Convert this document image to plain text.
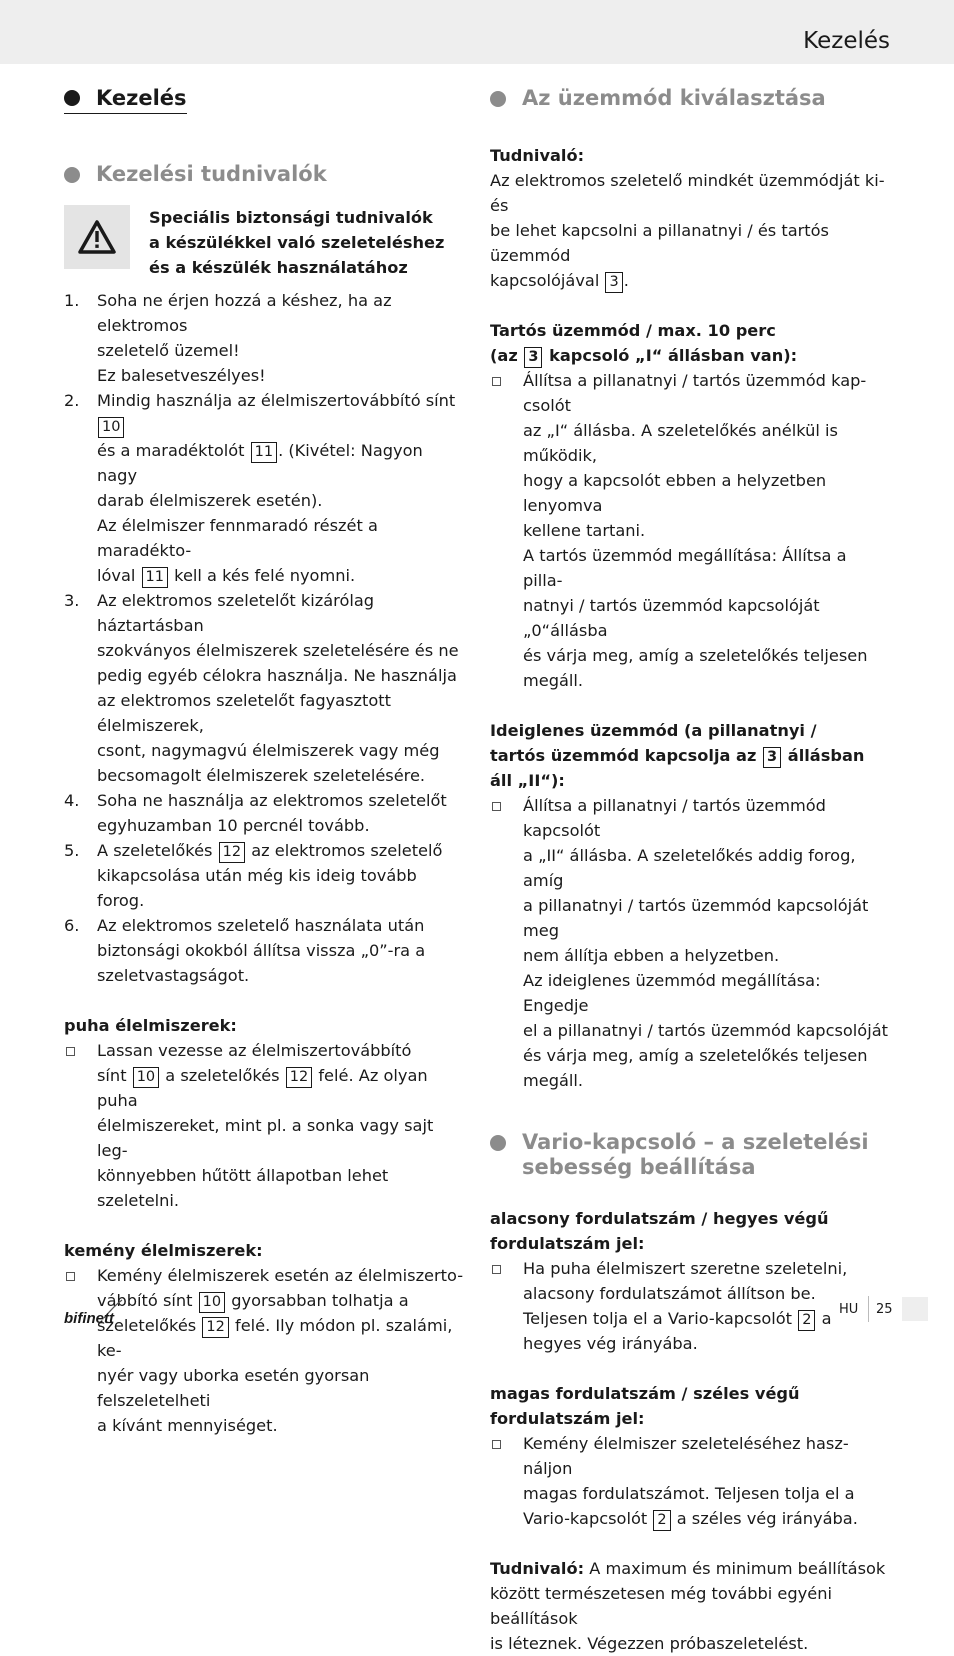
Kezelés
Kezelés
Kezelési tudnivalók
Speciális biztonsági tudnivalók
a készülékkel való szeleteléshez
és a készülék használatához
1.	Soha ne érjen hozzá a késhez, ha az elektromos
szeletelő üzemel!
Ez balesetveszélyes!
2.	Mindig használja az élelmiszertovábbító sínt 10
és a maradéktolót 11 . (Kivétel: Nagyon nagy
darab élelmiszerek esetén).
Az élelmiszer fennmaradó részét a maradékto-
lóval 11 kell a kés felé nyomni.
3.	Az elektromos szeletelőt kizárólag háztartásban
szokványos élelmiszerek szeletelésére és ne
pedig egyéb célokra használja. Ne használja
az elektromos szeletelőt fagyasztott élelmiszerek,
csont, nagymagvú élelmiszerek vagy még
becsomagolt élelmiszerek szeletelésére.
4.	Soha ne használja az elektromos szeletelőt
egyhuzamban 10 percnél tovább.
5.	A szeletelőkés 12 az elektromos szeletelő
kikapcsolása után még kis ideig tovább forog.
6.	Az elektromos szeletelő használata után
biztonsági okokból állítsa vissza „0”-ra a
szeletvastagságot.
puha élelmiszerek:
Lassan vezesse az élelmiszertovábbító
sínt 10 a szeletelőkés 12 felé. Az olyan puha
élelmiszereket, mint pl. a sonka vagy sajt leg-
könnyebben hűtött állapotban lehet szeletelni.
kemény élelmiszerek:
Kemény élelmiszerek esetén az élelmiszerto-
vábbító sínt 10 gyorsabban tolhatja a
szeletelőkés 12 felé. Ily módon pl. szalámi, ke-
nyér vagy uborka esetén gyorsan felszeletelheti
a kívánt mennyiséget.
Az üzemmód kiválasztása
Tudnivaló:
Az elektromos szeletelő mindkét üzemmódját ki- és
be lehet kapcsolni a pillanatnyi / és tartós üzemmód
kapcsolójával 3 .
Tartós üzemmód / max. 10 perc
(az 3 kapcsoló „I“ állásban van):
Állítsa a pillanatnyi / tartós üzemmód kap-csolót
az „I“ állásba. A szeletelőkés anélkül is működik,
hogy a kapcsolót ebben a helyzetben lenyomva
kellene tartani.
A tartós üzemmód megállítása: Állítsa a pilla-
natnyi / tartós üzemmód kapcsolóját „0“állásba
és várja meg, amíg a szeletelőkés teljesen megáll.
Ideiglenes üzemmód (a pillanatnyi /
tartós üzemmód kapcsolja az 3 állásban
áll „II“):
Állítsa a pillanatnyi / tartós üzemmód kapcsolót
a „II“ állásba. A szeletelőkés addig forog, amíg
a pillanatnyi / tartós üzemmód kapcsolóját meg
nem állítja ebben a helyzetben.
Az ideiglenes üzemmód megállítása: Engedje
el a pillanatnyi / tartós üzemmód kapcsolóját
és várja meg, amíg a szeletelőkés teljesen megáll.
Vario-kapcsoló – a szeletelési
sebesség beállítása
alacsony fordulatszám / hegyes végű
fordulatszám jel:
Ha puha élelmiszert szeretne szeletelni,
alacsony fordulatszámot állítson be.
Teljesen tolja el a Vario-kapcsolót 2 a
hegyes vég irányába.
magas fordulatszám / széles végű
fordulatszám jel:
Kemény élelmiszer szeleteléséhez hasz-náljon
magas fordulatszámot. Teljesen tolja el a
Vario-kapcsolót 2 a széles vég irányába.
Tudnivaló: A maximum és minimum beállítások
között természetesen még további egyéni beállítások
is léteznek. Végezzen próbaszeletelést.
bifinett
HU 25
